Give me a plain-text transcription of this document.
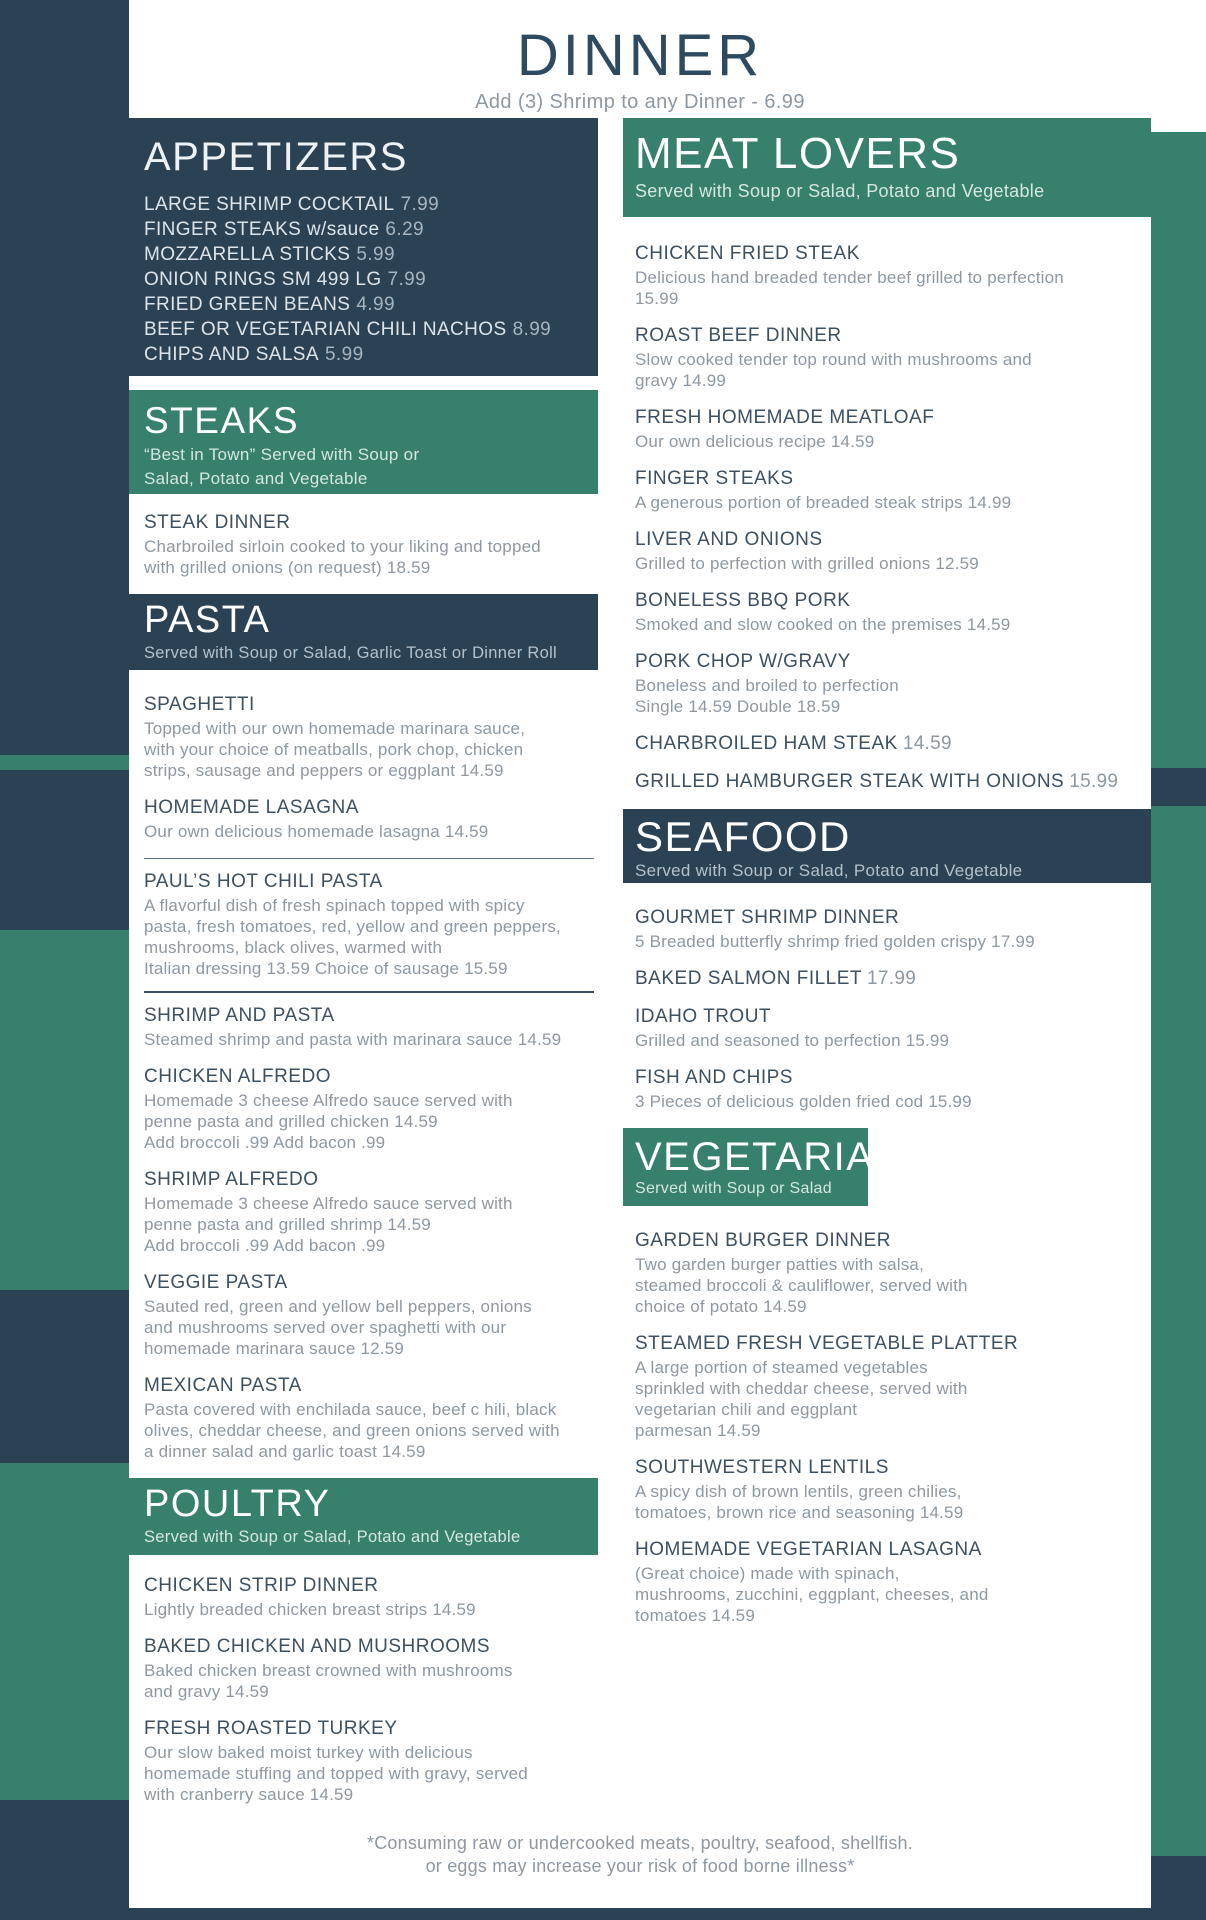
DINNER
Add (3) Shrimp to any Dinner - 6.99
APPETIZERS
LARGE SHRIMP COCKTAIL 7.99
FINGER STEAKS w/sauce 6.29
MOZZARELLA STICKS 5.99
ONION RINGS SM 499 LG 7.99
FRIED GREEN BEANS 4.99
BEEF OR VEGETARIAN CHILI NACHOS 8.99
CHIPS AND SALSA 5.99
STEAKS
“Best in Town” Served with Soup or
Salad, Potato and Vegetable
STEAK DINNER
Charbroiled sirloin cooked to your liking and topped
with grilled onions (on request) 18.59
PASTA
Served with Soup or Salad, Garlic Toast or Dinner Roll
SPAGHETTI
Topped with our own homemade marinara sauce,
with your choice of meatballs, pork chop, chicken
strips, sausage and peppers or eggplant 14.59
HOMEMADE LASAGNA
Our own delicious homemade lasagna 14.59
PAUL’S HOT CHILI PASTA
A flavorful dish of fresh spinach topped with spicy
pasta, fresh tomatoes, red, yellow and green peppers,
mushrooms, black olives, warmed with
Italian dressing 13.59 Choice of sausage 15.59
SHRIMP AND PASTA
Steamed shrimp and pasta with marinara sauce 14.59
CHICKEN ALFREDO
Homemade 3 cheese Alfredo sauce served with
penne pasta and grilled chicken 14.59
Add broccoli .99 Add bacon .99
SHRIMP ALFREDO
Homemade 3 cheese Alfredo sauce served with
penne pasta and grilled shrimp 14.59
Add broccoli .99 Add bacon .99
VEGGIE PASTA
Sauted red, green and yellow bell peppers, onions
and mushrooms served over spaghetti with our
homemade marinara sauce 12.59
MEXICAN PASTA
Pasta covered with enchilada sauce, beef c hili, black
olives, cheddar cheese, and green onions served with
a dinner salad and garlic toast 14.59
POULTRY
Served with Soup or Salad, Potato and Vegetable
CHICKEN STRIP DINNER
Lightly breaded chicken breast strips 14.59
BAKED CHICKEN AND MUSHROOMS
Baked chicken breast crowned with mushrooms
and gravy 14.59
FRESH ROASTED TURKEY
Our slow baked moist turkey with delicious
homemade stuffing and topped with gravy, served
with cranberry sauce 14.59
MEAT LOVERS
Served with Soup or Salad, Potato and Vegetable
CHICKEN FRIED STEAK
Delicious hand breaded tender beef grilled to perfection
15.99
ROAST BEEF DINNER
Slow cooked tender top round with mushrooms and
gravy 14.99
FRESH HOMEMADE MEATLOAF
Our own delicious recipe 14.59
FINGER STEAKS
A generous portion of breaded steak strips 14.99
LIVER AND ONIONS
Grilled to perfection with grilled onions 12.59
BONELESS BBQ PORK
Smoked and slow cooked on the premises 14.59
PORK CHOP W/GRAVY
Boneless and broiled to perfection
Single 14.59 Double 18.59
CHARBROILED HAM STEAK 14.59
GRILLED HAMBURGER STEAK WITH ONIONS 15.99
SEAFOOD
Served with Soup or Salad, Potato and Vegetable
GOURMET SHRIMP DINNER
5 Breaded butterfly shrimp fried golden crispy 17.99
BAKED SALMON FILLET 17.99
IDAHO TROUT
Grilled and seasoned to perfection 15.99
FISH AND CHIPS
3 Pieces of delicious golden fried cod 15.99
VEGETARIAN
Served with Soup or Salad
GARDEN BURGER DINNER
Two garden burger patties with salsa,
steamed broccoli & cauliflower, served with
choice of potato 14.59
STEAMED FRESH VEGETABLE PLATTER
A large portion of steamed vegetables
sprinkled with cheddar cheese, served with
vegetarian chili and eggplant
parmesan 14.59
SOUTHWESTERN LENTILS
A spicy dish of brown lentils, green chilies,
tomatoes, brown rice and seasoning 14.59
HOMEMADE VEGETARIAN LASAGNA
(Great choice) made with spinach,
mushrooms, zucchini, eggplant, cheeses, and
tomatoes 14.59
*Consuming raw or undercooked meats, poultry, seafood, shellfish.
or eggs may increase your risk of food borne illness*
